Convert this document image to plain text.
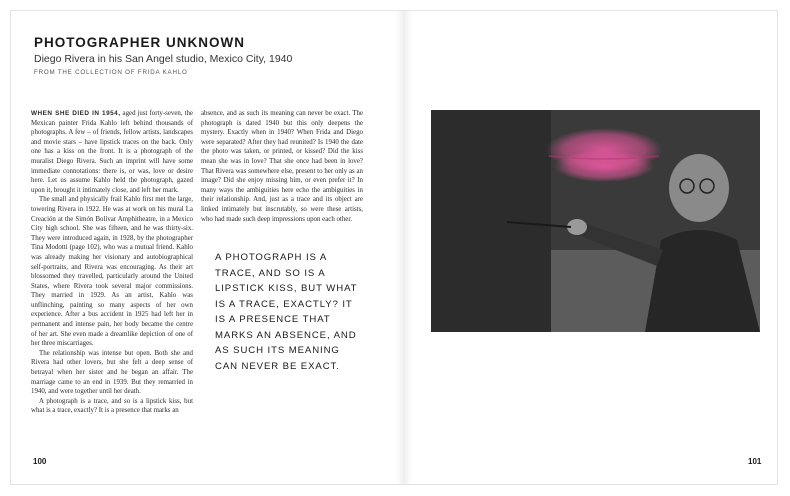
PHOTOGRAPHER UNKNOWN
Diego Rivera in his San Angel studio, Mexico City, 1940
FROM THE COLLECTION OF FRIDA KAHLO

WHEN SHE DIED IN 1954, aged just forty-seven, the Mexican painter Frida Kahlo left behind thousands of photographs. A few – of friends, fellow artists, landscapes and movie stars – have lipstick traces on the back. Only one has a kiss on the front. It is a photograph of the muralist Diego Rivera. Such an imprint will have some immediate connotations: there is, or was, love or desire here. Let us assume Kahlo held the photograph, gazed upon it, brought it intimately close, and left her mark.

The small and physically frail Kahlo first met the large, towering Rivera in 1922. He was at work on his mural La Creación at the Simón Bolívar Amphitheatre, in a Mexico City high school. She was fifteen, and he was thirty-six. They were introduced again, in 1928, by the photographer Tina Modotti (page 102), who was a mutual friend. Kahlo was already making her visionary and autobiographical self-portraits, and Rivera was encouraging. As their art blossomed they travelled, particularly around the United States, where Rivera took several major commissions. They married in 1929. As an artist, Kahlo was unflinching, painting so many aspects of her own experience. After a bus accident in 1925 had left her in permanent and intense pain, her body became the centre of her art. She even made a dreamlike depiction of one of her three miscarriages.

The relationship was intense but open. Both she and Rivera had other lovers, but she felt a deep sense of betrayal when her sister and he began an affair. The marriage came to an end in 1939. But they remarried in 1940, and were together until her death.

A photograph is a trace, and so is a lipstick kiss, but what is a trace, exactly? It is a presence that marks an

absence, and as such its meaning can never be exact. The photograph is dated 1940 but this only deepens the mystery. Exactly when in 1940? When Frida and Diego were separated? After they had reunited? Is 1940 the date the photo was taken, or printed, or kissed? Did the kiss mean she was in love? That she once had been in love? That Rivera was somewhere else, present to her only as an image? Did she enjoy missing him, or even prefer it? In many ways the ambiguities here echo the ambiguities in their relationship. And, just as a trace and its object are linked intimately but inscrutably, so were these artists, who had made such deep impressions upon each other.

A PHOTOGRAPH IS A TRACE, AND SO IS A LIPSTICK KISS, BUT WHAT IS A TRACE, EXACTLY? IT IS A PRESENCE THAT MARKS AN ABSENCE, AND AS SUCH ITS MEANING CAN NEVER BE EXACT.
100	101
